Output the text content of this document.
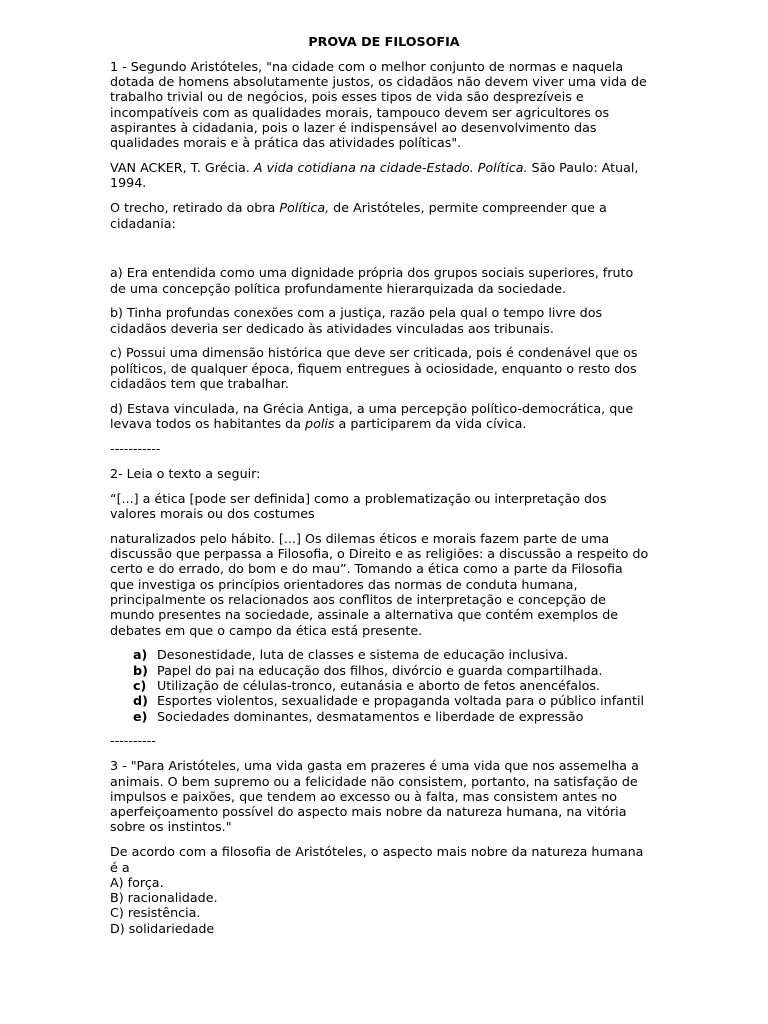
PROVA DE FILOSOFIA

1 - Segundo Aristóteles, "na cidade com o melhor conjunto de normas e naquela
dotada de homens absolutamente justos, os cidadãos não devem viver uma vida de
trabalho trivial ou de negócios, pois esses tipos de vida são desprezíveis e
incompatíveis com as qualidades morais, tampouco devem ser agricultores os
aspirantes à cidadania, pois o lazer é indispensável ao desenvolvimento das
qualidades morais e à prática das atividades políticas".

VAN ACKER, T. Grécia. A vida cotidiana na cidade-Estado. Política. São Paulo: Atual,
1994.

O trecho, retirado da obra Política, de Aristóteles, permite compreender que a
cidadania:

a) Era entendida como uma dignidade própria dos grupos sociais superiores, fruto
de uma concepção política profundamente hierarquizada da sociedade.

b) Tinha profundas conexões com a justiça, razão pela qual o tempo livre dos
cidadãos deveria ser dedicado às atividades vinculadas aos tribunais.

c) Possui uma dimensão histórica que deve ser criticada, pois é condenável que os
políticos, de qualquer época, fiquem entregues à ociosidade, enquanto o resto dos
cidadãos tem que trabalhar.

d) Estava vinculada, na Grécia Antiga, a uma percepção político-democrática, que
levava todos os habitantes da polis a participarem da vida cívica.

-----------

2- Leia o texto a seguir:

“[...] a ética [pode ser definida] como a problematização ou interpretação dos
valores morais ou dos costumes

naturalizados pelo hábito. [...] Os dilemas éticos e morais fazem parte de uma
discussão que perpassa a Filosofia, o Direito e as religiões: a discussão a respeito do
certo e do errado, do bom e do mau”. Tomando a ética como a parte da Filosofia
que investiga os princípios orientadores das normas de conduta humana,
principalmente os relacionados aos conflitos de interpretação e concepção de
mundo presentes na sociedade, assinale a alternativa que contém exemplos de
debates em que o campo da ética está presente.

a) Desonestidade, luta de classes e sistema de educação inclusiva.
b) Papel do pai na educação dos filhos, divórcio e guarda compartilhada.
c) Utilização de células-tronco, eutanásia e aborto de fetos anencéfalos.
d) Esportes violentos, sexualidade e propaganda voltada para o público infantil
e) Sociedades dominantes, desmatamentos e liberdade de expressão

----------

3 - "Para Aristóteles, uma vida gasta em prazeres é uma vida que nos assemelha a
animais. O bem supremo ou a felicidade não consistem, portanto, na satisfação de
impulsos e paixões, que tendem ao excesso ou à falta, mas consistem antes no
aperfeiçoamento possível do aspecto mais nobre da natureza humana, na vitória
sobre os instintos."

De acordo com a filosofia de Aristóteles, o aspecto mais nobre da natureza humana
é a
A) força.
B) racionalidade.
C) resistência.
D) solidariedade
